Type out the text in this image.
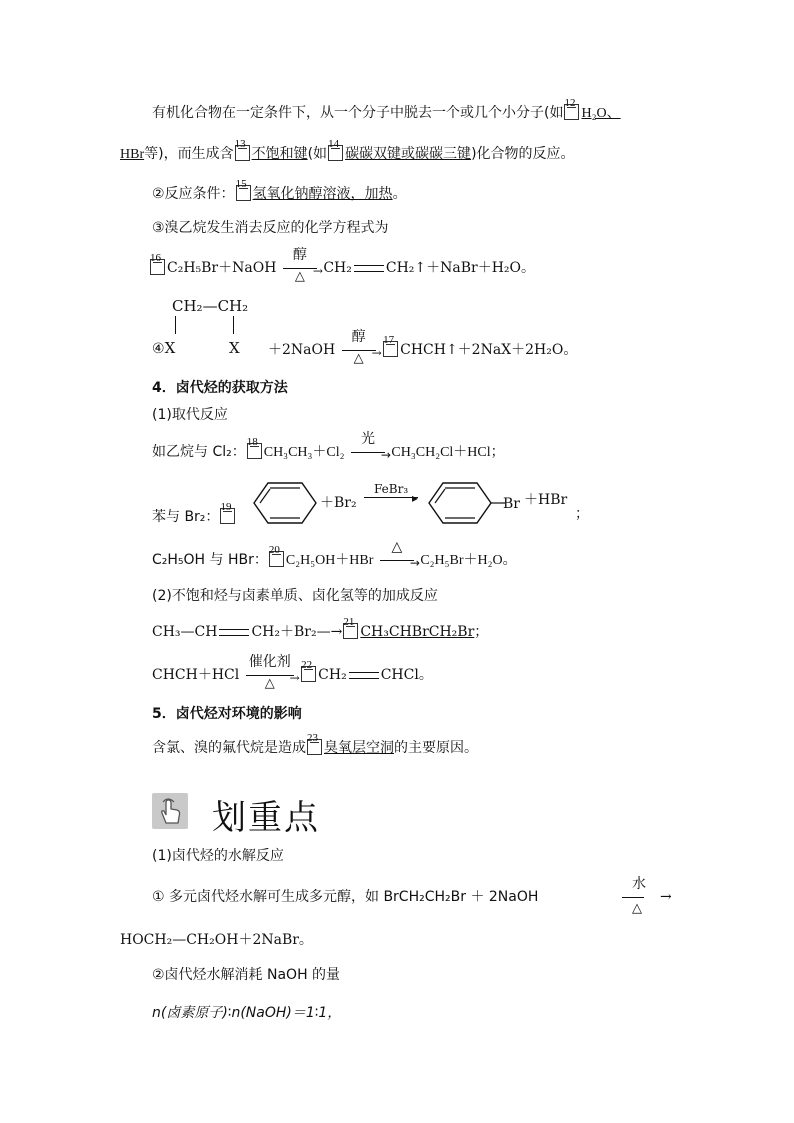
有机化合物在一定条件下，从一个分子中脱去一个或几个小分子(如
12
H₂O、
HBr等)，而生成含
13
不饱和键(如
14
碳碳双键或碳碳三键)化合物的反应。
②反应条件：
15
氢氧化钠醇溶液，加热。
③溴乙烷发生消去反应的化学方程式为
16
C₂H₅Br＋NaOH
醇
→
△
CH₂ CH₂↑＋NaBr＋H₂O。
CH₂—CH₂
④X	X ＋2NaOH
醇
→
△

17
CHCH↑＋2NaX＋2H₂O。
4．卤代烃的获取方法
(1)取代反应
如乙烷与 Cl₂：
18
CH₃CH₃＋Cl₂
光
→ CH₃CH₂Cl＋HCl；
苯与 Br₂：
19	＋Br₂
FeBr₃
▸	Br ＋HBr
；
C₂H₅OH 与 HBr：
20
C₂H₅OH＋HBr
△
→ C₂H₅Br＋H₂O。
(2)不饱和烃与卤素单质、卤化氢等的加成反应
CH₃—CH CH₂＋Br₂—→
21
CH₃CHBrCH₂Br；
CHCH＋HCl
催化剂
→
△

22
CH₂ CHCl。
5．卤代烃对环境的影响
含氯、溴的氟代烷是造成
23
臭氧层空洞的主要原因。
划重点
(1)卤代烃的水解反应
① 多元卤代烃水解可生成多元醇，如 BrCH₂CH₂Br ＋ 2NaOH
水
△
→
HOCH₂—CH₂OH＋2NaBr。
②卤代烃水解消耗 NaOH 的量
n(卤素原子)∶n(NaOH)＝1∶1，
